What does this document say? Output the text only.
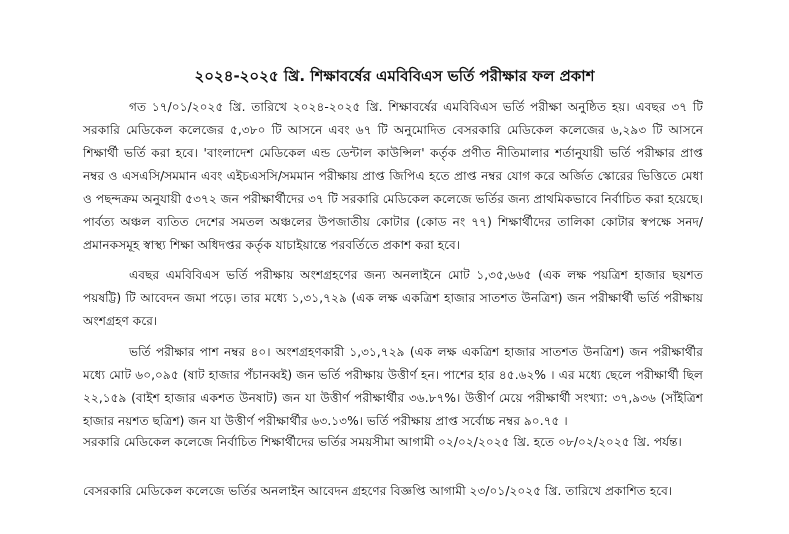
২০২৪-২০২৫ খ্রি. শিক্ষাবর্ষের এমবিবিএস ভর্তি পরীক্ষার ফল প্রকাশ

গত ১৭/০১/২০২৫ খ্রি. তারিখে ২০২৪-২০২৫ খ্রি. শিক্ষাবর্ষের এমবিবিএস ভর্তি পরীক্ষা অনুষ্ঠিত হয়। এবছর ৩৭ টি সরকারি মেডিকেল কলেজের ৫,৩৮০ টি আসনে এবং ৬৭ টি অনুমোদিত বেসরকারি মেডিকেল কলেজের ৬,২৯৩ টি আসনে শিক্ষার্থী ভর্তি করা হবে। 'বাংলাদেশ মেডিকেল এন্ড ডেন্টাল কাউন্সিল' কর্তৃক প্রণীত নীতিমালার শর্তানুযায়ী ভর্তি পরীক্ষার প্রাপ্ত নম্বর ও এসএসি/সমমান এবং এইচএসসি/সমমান পরীক্ষায় প্রাপ্ত জিপিএ হতে প্রাপ্ত নম্বর যোগ করে অর্জিত স্কোরের ভিত্তিতে মেধা ও পছন্দক্রম অনুযায়ী ৫৩৭২ জন পরীক্ষার্থীদের ৩৭ টি সরকারি মেডিকেল কলেজে ভর্তির জন্য প্রাথমিকভাবে নির্বাচিত করা হয়েছে। পার্বত্য অঞ্চল ব্যতিত দেশের সমতল অঞ্চলের উপজাতীয় কোটার (কোড নং ৭৭) শিক্ষার্থীদের তালিকা কোটার স্বপক্ষে সনদ/প্রমানকসমূহ স্বাস্থ্য শিক্ষা অধিদপ্তর কর্তৃক যাচাইয়ান্তে পরবর্তিতে প্রকাশ করা হবে।

এবছর এমবিবিএস ভর্তি পরীক্ষায় অংশগ্রহণের জন্য অনলাইনে মোট ১,৩৫,৬৬৫ (এক লক্ষ পয়ত্রিশ হাজার ছয়শত পয়ষট্টি) টি আবেদন জমা পড়ে। তার মধ্যে ১,৩১,৭২৯ (এক লক্ষ একত্রিশ হাজার সাতশত উনত্রিশ) জন পরীক্ষার্থী ভর্তি পরীক্ষায় অংশগ্রহণ করে।

ভর্তি পরীক্ষার পাশ নম্বর ৪০। অংশগ্রহণকারী ১,৩১,৭২৯ (এক লক্ষ একত্রিশ হাজার সাতশত উনত্রিশ) জন পরীক্ষার্থীর মধ্যে মোট ৬০,০৯৫ (ষাট হাজার পঁচানব্বই) জন ভর্তি পরীক্ষায় উত্তীর্ণ হন। পাশের হার ৪৫.৬২% । এর মধ্যে ছেলে পরীক্ষার্থী ছিল ২২,১৫৯ (বাইশ হাজার একশত উনষাট) জন যা উত্তীর্ণ পরীক্ষার্থীর ৩৬.৮৭%। উত্তীর্ণ মেয়ে পরীক্ষার্থী সংখ্যা: ৩৭,৯৩৬ (সাঁইত্রিশ হাজার নয়শত ছত্রিশ) জন যা উত্তীর্ণ পরীক্ষার্থীর ৬৩.১৩%। ভর্তি পরীক্ষায় প্রাপ্ত সর্বোচ্চ নম্বর ৯০.৭৫ ।

সরকারি মেডিকেল কলেজে নির্বাচিত শিক্ষার্থীদের ভর্তির সময়সীমা আগামী ০২/০২/২০২৫ খ্রি. হতে ০৮/০২/২০২৫ খ্রি. পর্যন্ত।

বেসরকারি মেডিকেল কলেজে ভর্তির অনলাইন আবেদন গ্রহণের বিজ্ঞপ্তি আগামী ২৩/০১/২০২৫ খ্রি. তারিখে প্রকাশিত হবে।
